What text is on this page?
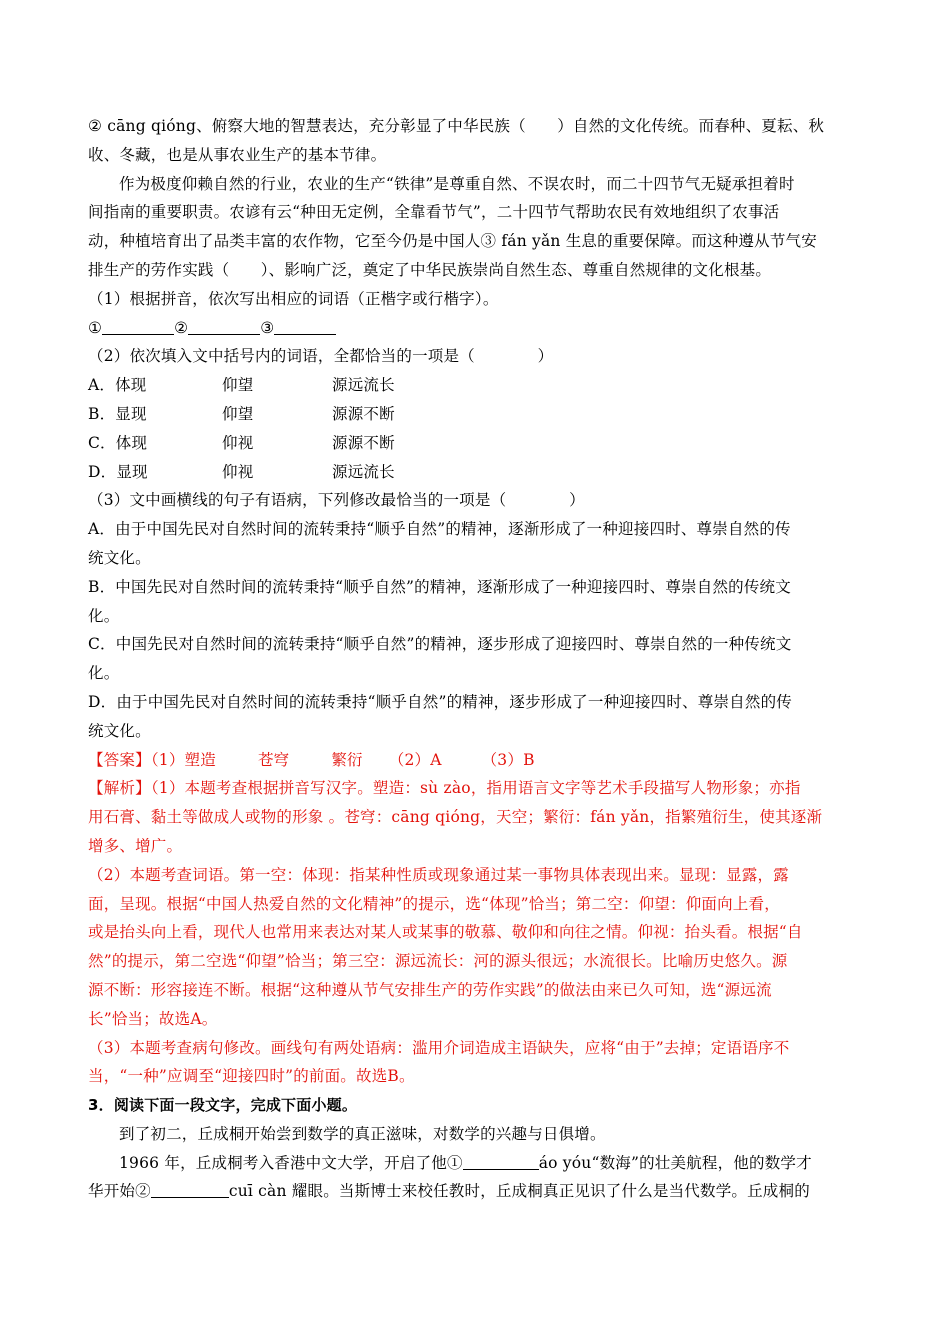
② cāng qióng、俯察大地的智慧表达，充分彰显了中华民族（　　）自然的文化传统。而春种、夏耘、秋
收、冬藏，也是从事农业生产的基本节律。
作为极度仰赖自然的行业，农业的生产“铁律”是尊重自然、不误农时，而二十四节气无疑承担着时
间指南的重要职责。农谚有云“种田无定例，全靠看节气”，二十四节气帮助农民有效地组织了农事活
动，种植培育出了品类丰富的农作物，它至今仍是中国人③ fán yǎn 生息的重要保障。而这种遵从节气安
排生产的劳作实践（　　）、影响广泛，奠定了中华民族崇尚自然生态、尊重自然规律的文化根基。
（1）根据拼音，依次写出相应的词语（正楷字或行楷字）。
①	②	③
（2）依次填入文中括号内的词语，全都恰当的一项是（　　　　）
A．体现	仰望	源远流长
B．显现	仰望	源源不断
C．体现	仰视	源源不断
D．显现	仰视	源远流长
（3）文中画横线的句子有语病，下列修改最恰当的一项是（　　　　）
A．由于中国先民对自然时间的流转秉持“顺乎自然”的精神，逐渐形成了一种迎接四时、尊崇自然的传
统文化。
B．中国先民对自然时间的流转秉持“顺乎自然”的精神，逐渐形成了一种迎接四时、尊崇自然的传统文
化。
C．中国先民对自然时间的流转秉持“顺乎自然”的精神，逐步形成了迎接四时、尊崇自然的一种传统文
化。
D．由于中国先民对自然时间的流转秉持“顺乎自然”的精神，逐步形成了一种迎接四时、尊崇自然的传
统文化。
【答案】（1）塑造	苍穹	繁衍 （2）A	（3）B
【解析】（1）本题考查根据拼音写汉字。塑造：sù zào，指用语言文字等艺术手段描写人物形象；亦指
用石膏、黏土等做成人或物的形象 。苍穹：cāng qióng，天空；繁衍：fán yǎn，指繁殖衍生，使其逐渐
增多、增广。
（2）本题考查词语。第一空：体现：指某种性质或现象通过某一事物具体表现出来。显现：显露，露
面，呈现。根据“中国人热爱自然的文化精神”的提示，选“体现”恰当；第二空：仰望：仰面向上看，
或是抬头向上看，现代人也常用来表达对某人或某事的敬慕、敬仰和向往之情。仰视：抬头看。根据“自
然”的提示，第二空选“仰望”恰当；第三空：源远流长：河的源头很远；水流很长。比喻历史悠久。源
源不断：形容接连不断。根据“这种遵从节气安排生产的劳作实践”的做法由来已久可知，选“源远流
长”恰当；故选A。
（3）本题考查病句修改。画线句有两处语病：滥用介词造成主语缺失，应将“由于”去掉；定语语序不
当，“一种”应调至“迎接四时”的前面。故选B。
3．阅读下面一段文字，完成下面小题。
到了初二，丘成桐开始尝到数学的真正滋味，对数学的兴趣与日俱增。
1966 年，丘成桐考入香港中文大学，开启了他①	áo yóu“数海”的壮美航程，他的数学才
华开始②	cuī càn 耀眼。当斯博士来校任教时，丘成桐真正见识了什么是当代数学。丘成桐的
